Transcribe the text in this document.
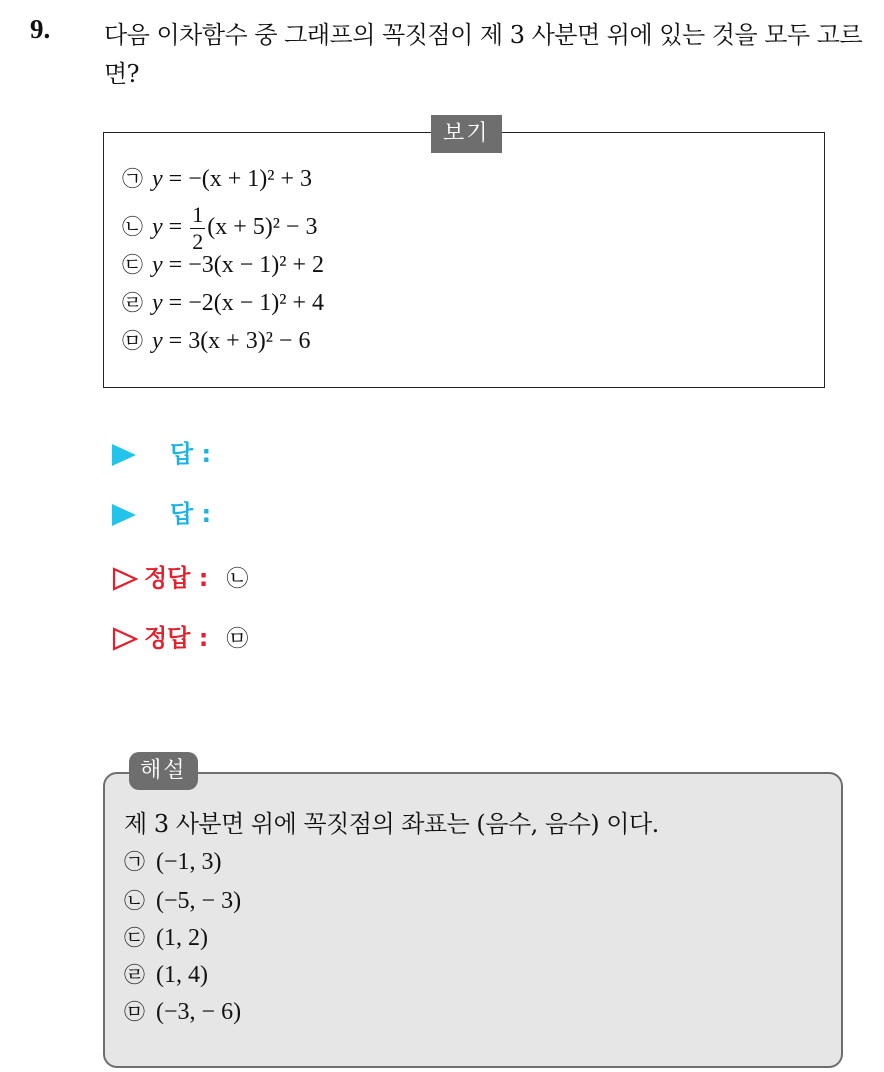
9. 다음 이차함수 중 그래프의 꼭짓점이 제 3 사분면 위에 있는 것을 모두 고르면?
보기
㉠ y = −(x + 1)² + 3
㉡ $y = \frac{1}{2} (x + 5)^2 - 3$
㉢ y = −3(x − 1)² + 2
㉣ y = −2(x − 1)² + 4
㉤ y = 3(x + 3)² − 6
답 :
답 :
정답 : ㉡
정답 : ㉤
해설
제 3 사분면 위에 꼭짓점의 좌표는 (음수, 음수) 이다.
㉠ (−1, 3)
㉡ (−5, − 3)
㉢ (1, 2)
㉣ (1, 4)
㉤ (−3, − 6)
